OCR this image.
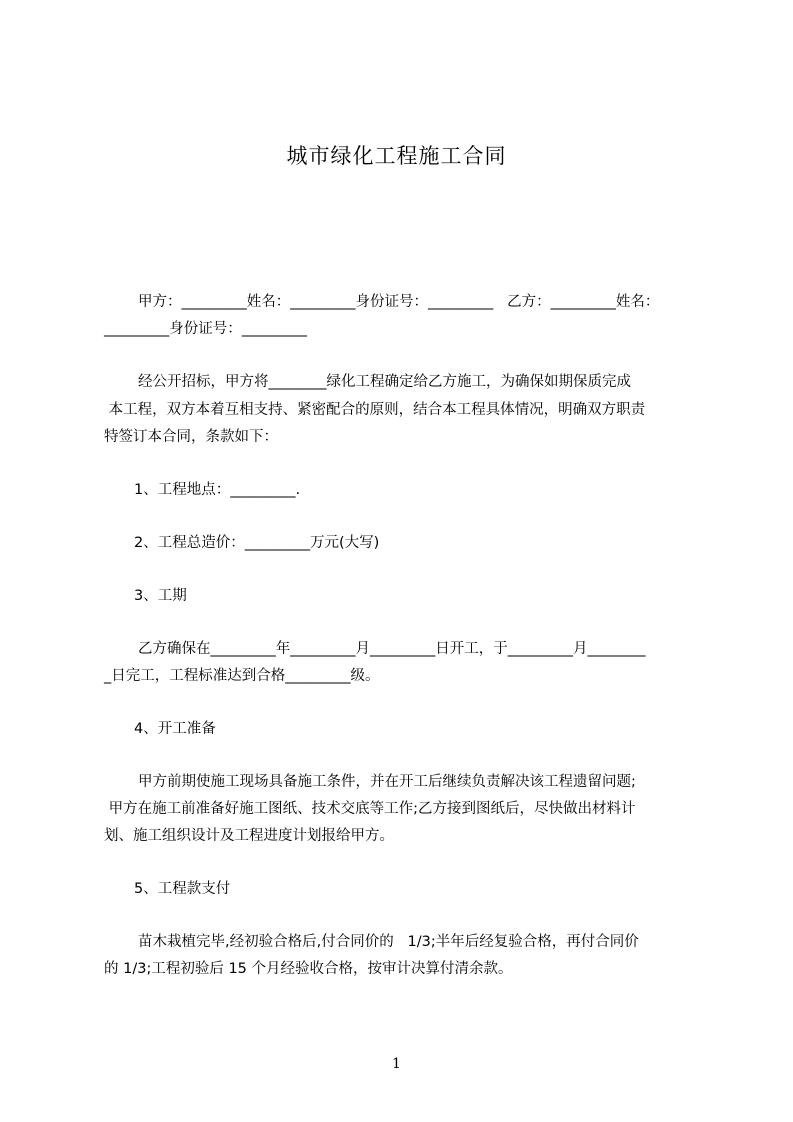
城市绿化工程施工合同
甲方：_________姓名：_________身份证号：_________   乙方：_________姓名：
_________身份证号：_________
经公开招标，甲方将________绿化工程确定给乙方施工，为确保如期保质完成
本工程，双方本着互相支持、紧密配合的原则，结合本工程具体情况，明确双方职责
特签订本合同，条款如下：
1、工程地点：_________.
2、工程总造价：_________万元(大写)
3、工期
乙方确保在_________年_________月_________日开工，于_________月________
_日完工，工程标准达到合格_________级。
4、开工准备
甲方前期使施工现场具备施工条件，并在开工后继续负责解决该工程遗留问题;
甲方在施工前准备好施工图纸、技术交底等工作;乙方接到图纸后，尽快做出材料计
划、施工组织设计及工程进度计划报给甲方。
5、工程款支付
苗木栽植完毕,经初验合格后,付合同价的   1/3;半年后经复验合格，再付合同价
的 1/3;工程初验后 15 个月经验收合格，按审计决算付清余款。
1
